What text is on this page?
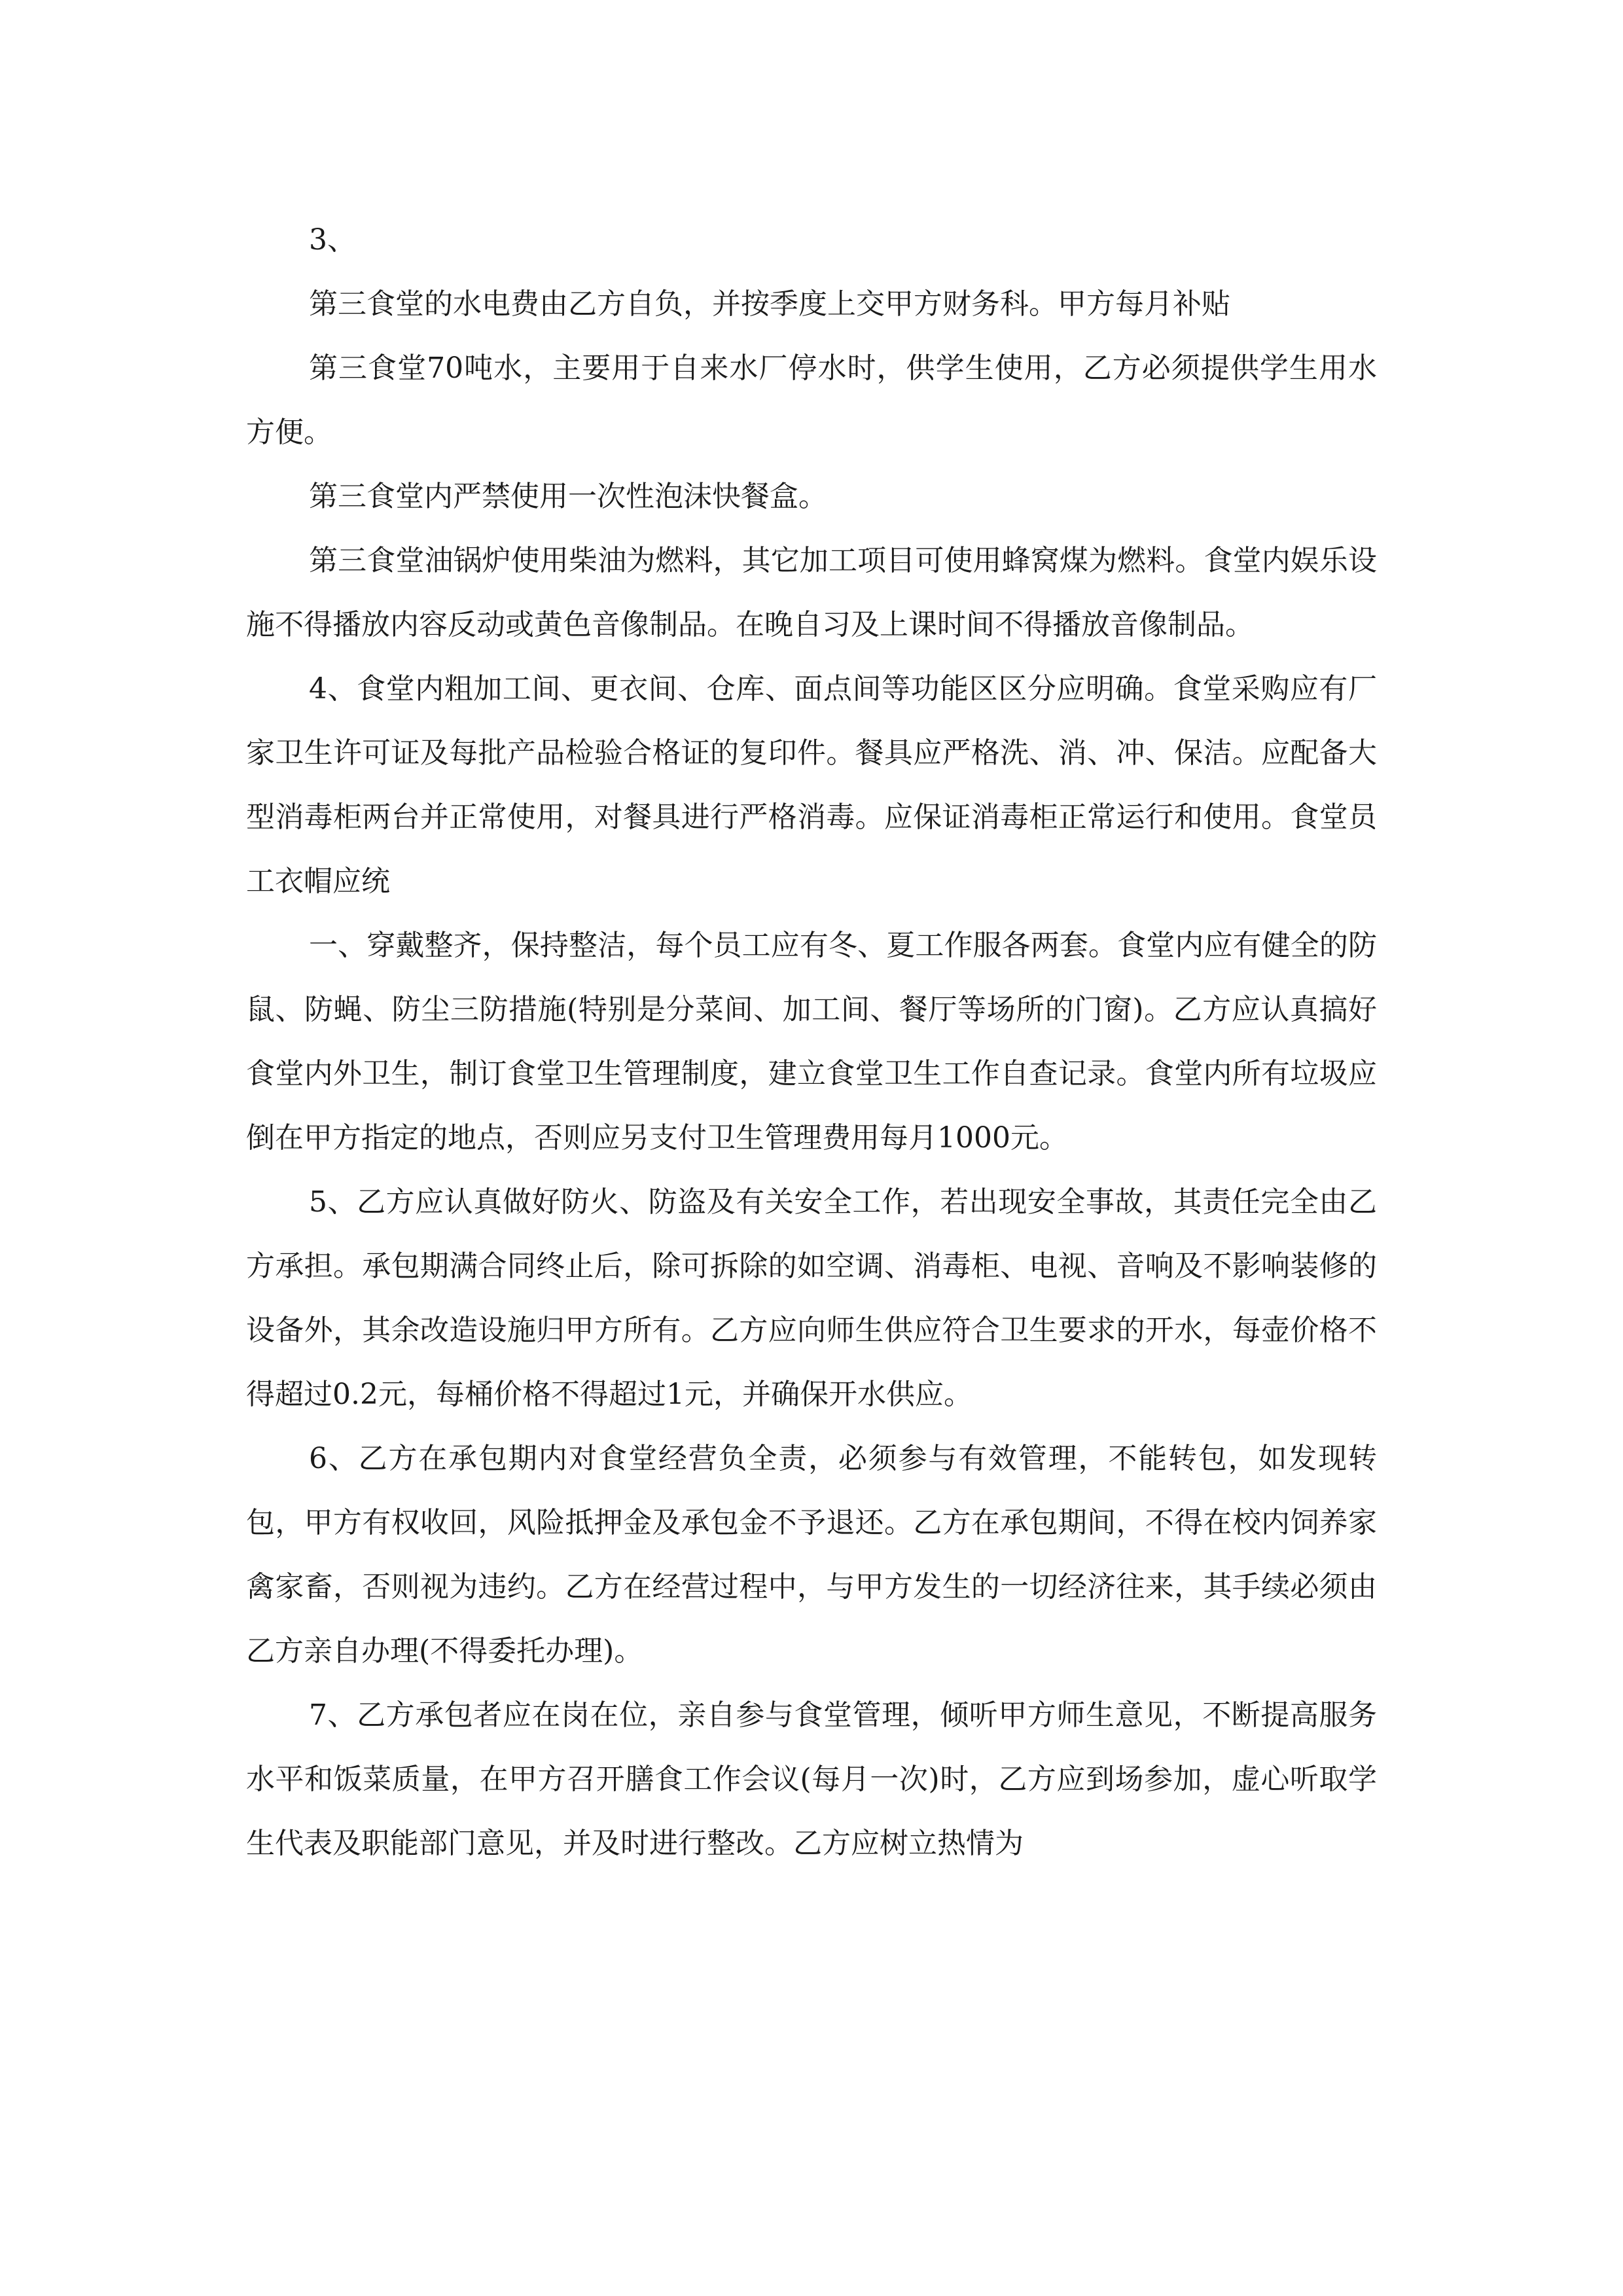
3、

第三食堂的水电费由乙方自负，并按季度上交甲方财务科。甲方每月补贴

第三食堂70吨水，主要用于自来水厂停水时，供学生使用，乙方必须提供学生用水方便。

第三食堂内严禁使用一次性泡沫快餐盒。

第三食堂油锅炉使用柴油为燃料，其它加工项目可使用蜂窝煤为燃料。食堂内娱乐设施不得播放内容反动或黄色音像制品。在晚自习及上课时间不得播放音像制品。

4、食堂内粗加工间、更衣间、仓库、面点间等功能区区分应明确。食堂采购应有厂家卫生许可证及每批产品检验合格证的复印件。餐具应严格洗、消、冲、保洁。应配备大型消毒柜两台并正常使用，对餐具进行严格消毒。应保证消毒柜正常运行和使用。食堂员工衣帽应统

一、穿戴整齐，保持整洁，每个员工应有冬、夏工作服各两套。食堂内应有健全的防鼠、防蝇、防尘三防措施(特别是分菜间、加工间、餐厅等场所的门窗)。乙方应认真搞好食堂内外卫生，制订食堂卫生管理制度，建立食堂卫生工作自查记录。食堂内所有垃圾应倒在甲方指定的地点，否则应另支付卫生管理费用每月1000元。

5、乙方应认真做好防火、防盗及有关安全工作，若出现安全事故，其责任完全由乙方承担。承包期满合同终止后，除可拆除的如空调、消毒柜、电视、音响及不影响装修的设备外，其余改造设施归甲方所有。乙方应向师生供应符合卫生要求的开水，每壶价格不得超过0.2元，每桶价格不得超过1元，并确保开水供应。

6、乙方在承包期内对食堂经营负全责，必须参与有效管理，不能转包，如发现转包，甲方有权收回，风险抵押金及承包金不予退还。乙方在承包期间，不得在校内饲养家禽家畜，否则视为违约。乙方在经营过程中，与甲方发生的一切经济往来，其手续必须由乙方亲自办理(不得委托办理)。

7、乙方承包者应在岗在位，亲自参与食堂管理，倾听甲方师生意见，不断提高服务水平和饭菜质量，在甲方召开膳食工作会议(每月一次)时，乙方应到场参加，虚心听取学生代表及职能部门意见，并及时进行整改。乙方应树立热情为
